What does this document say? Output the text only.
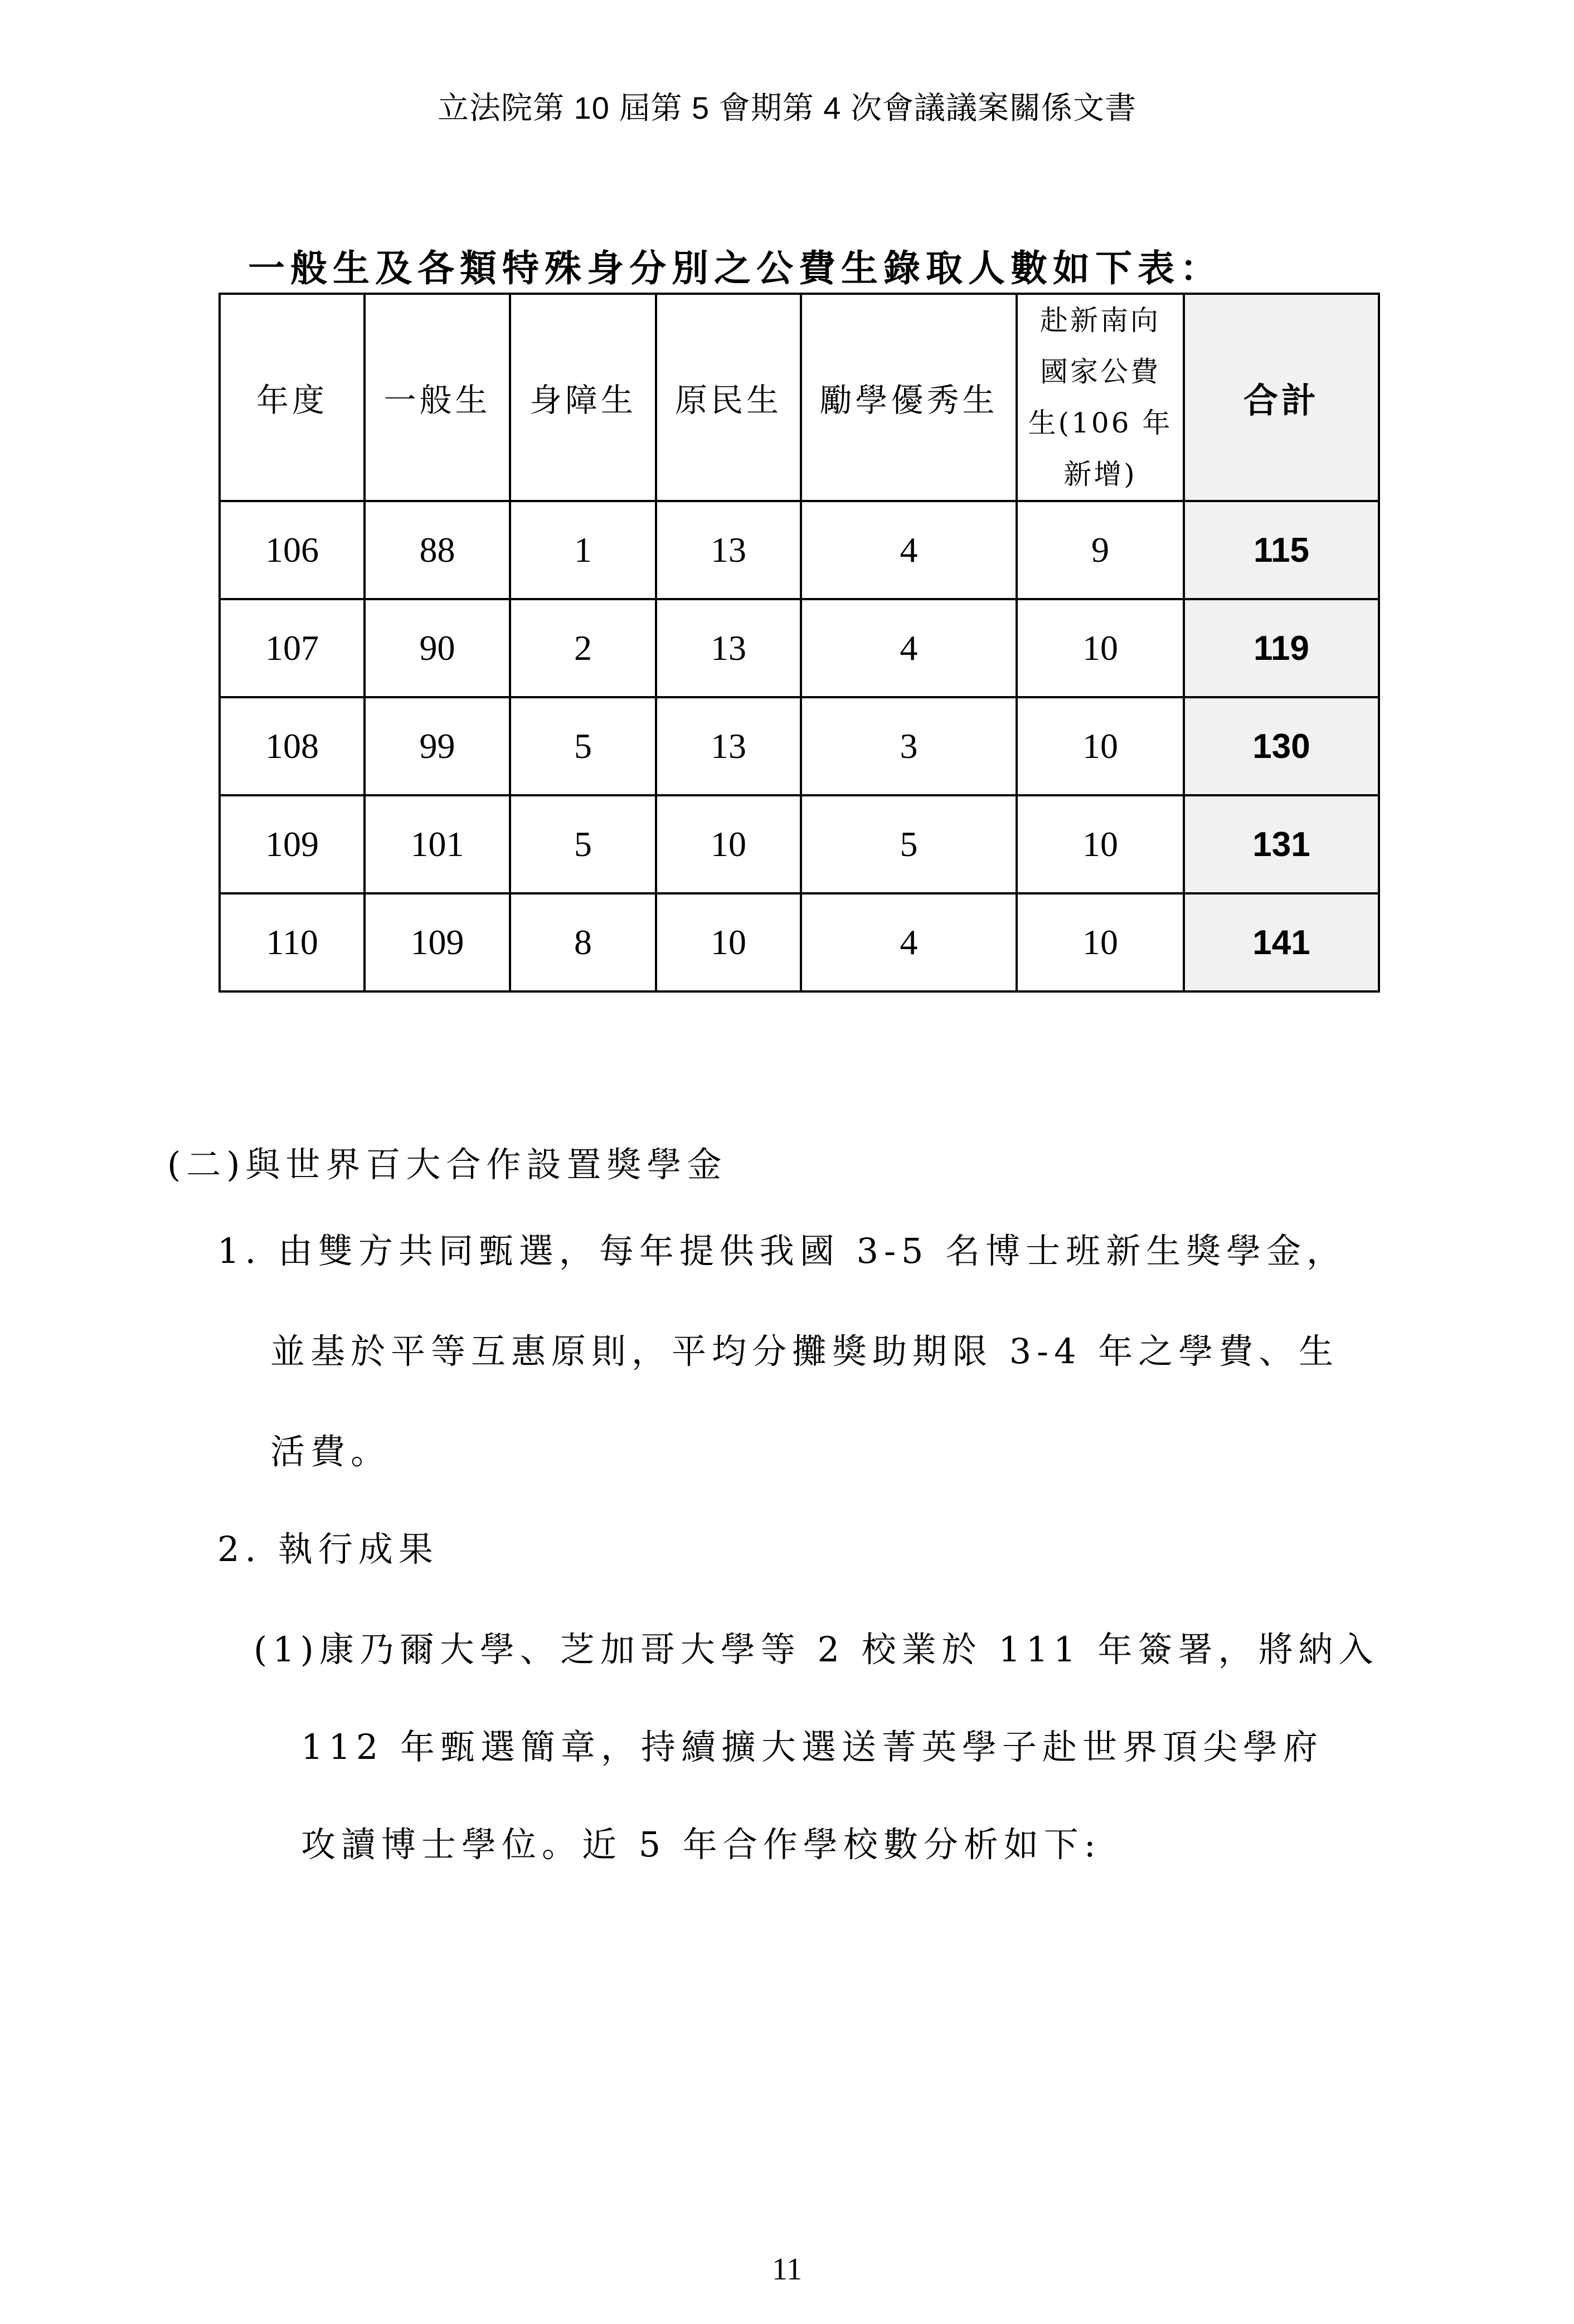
立法院第 10 屆第 5 會期第 4 次會議議案關係文書
一般生及各類特殊身分別之公費生錄取人數如下表：
年度	一般生	身障生	原民生	勵學優秀生	赴新南向
國家公費
生(106 年
新增)	合計
106	88	1	13	4	9	115
107	90	2	13	4	10	119
108	99	5	13	3	10	130
109	101	5	10	5	10	131
110	109	8	10	4	10	141
(二)與世界百大合作設置獎學金
1. 由雙方共同甄選，每年提供我國 3-5 名博士班新生獎學金，
並基於平等互惠原則，平均分攤獎助期限 3-4 年之學費、生
活費。
2. 執行成果
(1)康乃爾大學、芝加哥大學等 2 校業於 111 年簽署，將納入
112 年甄選簡章，持續擴大選送菁英學子赴世界頂尖學府
攻讀博士學位。近 5 年合作學校數分析如下:
11
